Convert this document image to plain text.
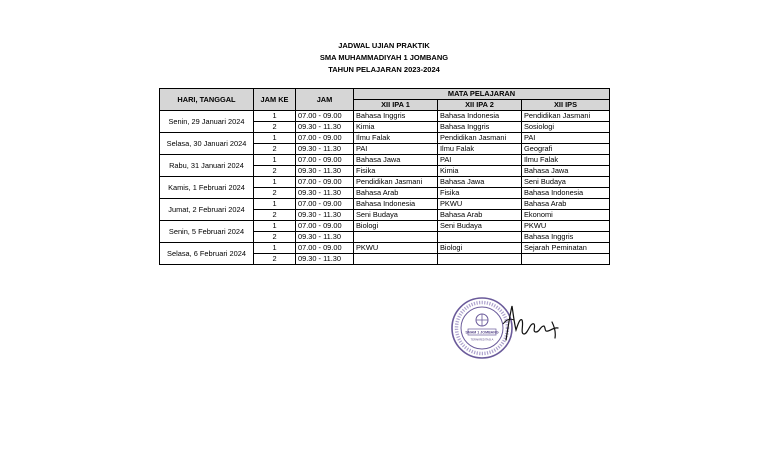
JADWAL UJIAN PRAKTIK
SMA MUHAMMADIYAH 1 JOMBANG
TAHUN PELAJARAN 2023-2024
HARI, TANGGAL	JAM KE	JAM	MATA PELAJARAN		
			XII IPA 1	XII IPA 2	XII IPS
Senin, 29 Januari 2024	1	07.00 - 09.00	Bahasa Inggris	Bahasa Indonesia	Pendidikan Jasmani
	2	09.30 - 11.30	Kimia	Bahasa Inggris	Sosiologi
Selasa, 30 Januari 2024	1	07.00 - 09.00	Ilmu Falak	Pendidikan Jasmani	PAI
	2	09.30 - 11.30	PAI	Ilmu Falak	Geografi
Rabu, 31 Januari 2024	1	07.00 - 09.00	Bahasa Jawa	PAI	Ilmu Falak
	2	09.30 - 11.30	Fisika	Kimia	Bahasa Jawa
Kamis, 1 Februari 2024	1	07.00 - 09.00	Pendidikan Jasmani	Bahasa Jawa	Seni Budaya
	2	09.30 - 11.30	Bahasa Arab	Fisika	Bahasa Indonesia
Jumat, 2 Februari 2024	1	07.00 - 09.00	Bahasa Indonesia	PKWU	Bahasa Arab
	2	09.30 - 11.30	Seni Budaya	Bahasa Arab	Ekonomi
Senin, 5 Februari 2024	1	07.00 - 09.00	Biologi	Seni Budaya	PKWU
	2	09.30 - 11.30			Bahasa Inggris
Selasa, 6 Februari 2024	1	07.00 - 09.00	PKWU	Biologi	Sejarah Peminatan
	2	09.30 - 11.30			
SMAM 1 JOMBANG
TERAKREDITASI A
